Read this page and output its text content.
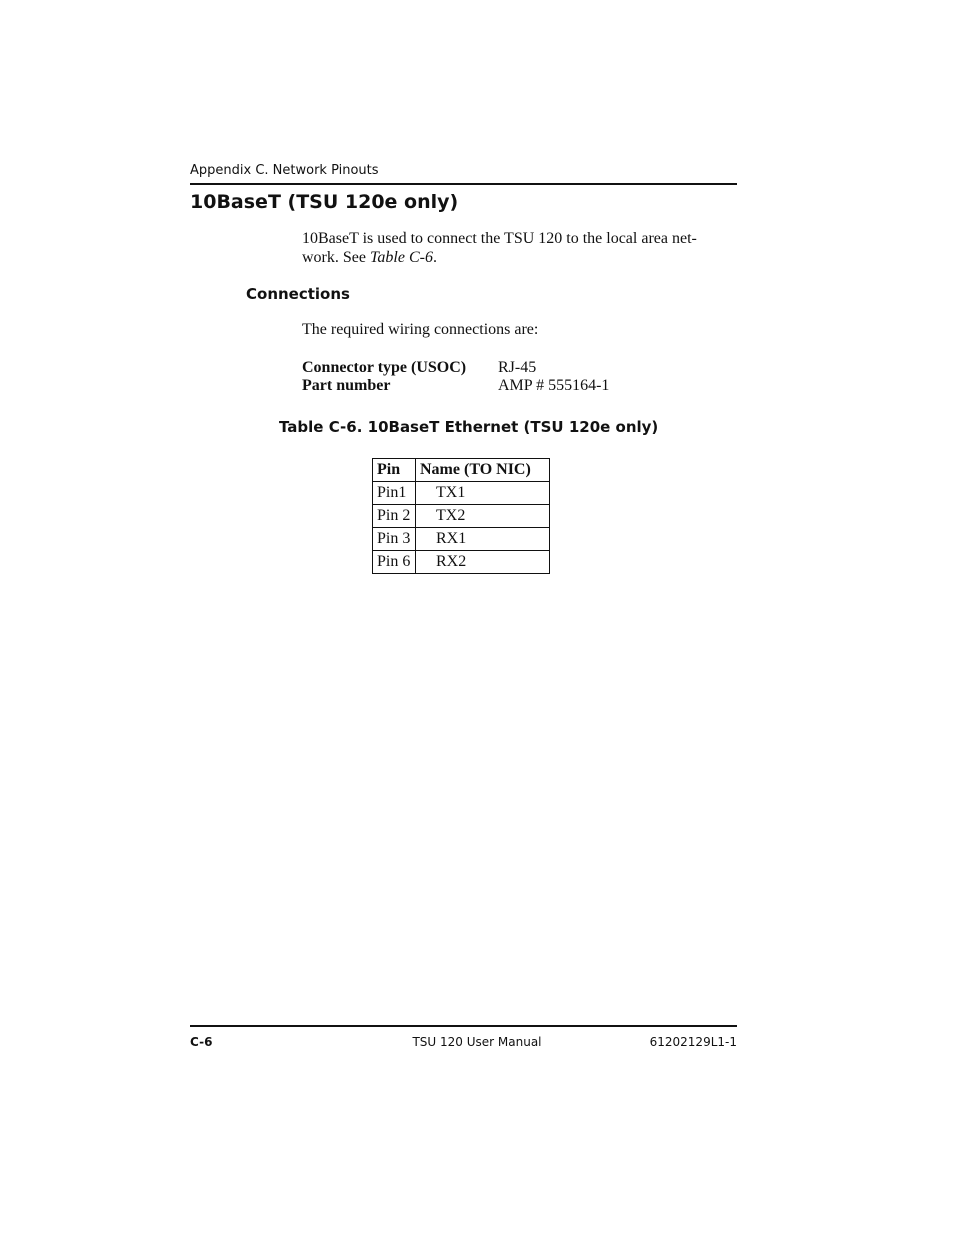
Appendix C. Network Pinouts
10BaseT (TSU 120e only)

10BaseT is used to connect the TSU 120 to the local area net-
work. See Table C-6.

Connections

The required wiring connections are:

Connector type (USOC) RJ-45
Part number	AMP # 555164-1
Table C-6. 10BaseT Ethernet (TSU 120e only)
Pin	Name (TO NIC)
Pin1	TX1
Pin 2	TX2
Pin 3	RX1
Pin 6	RX2
C-6	TSU 120 User Manual	61202129L1-1
